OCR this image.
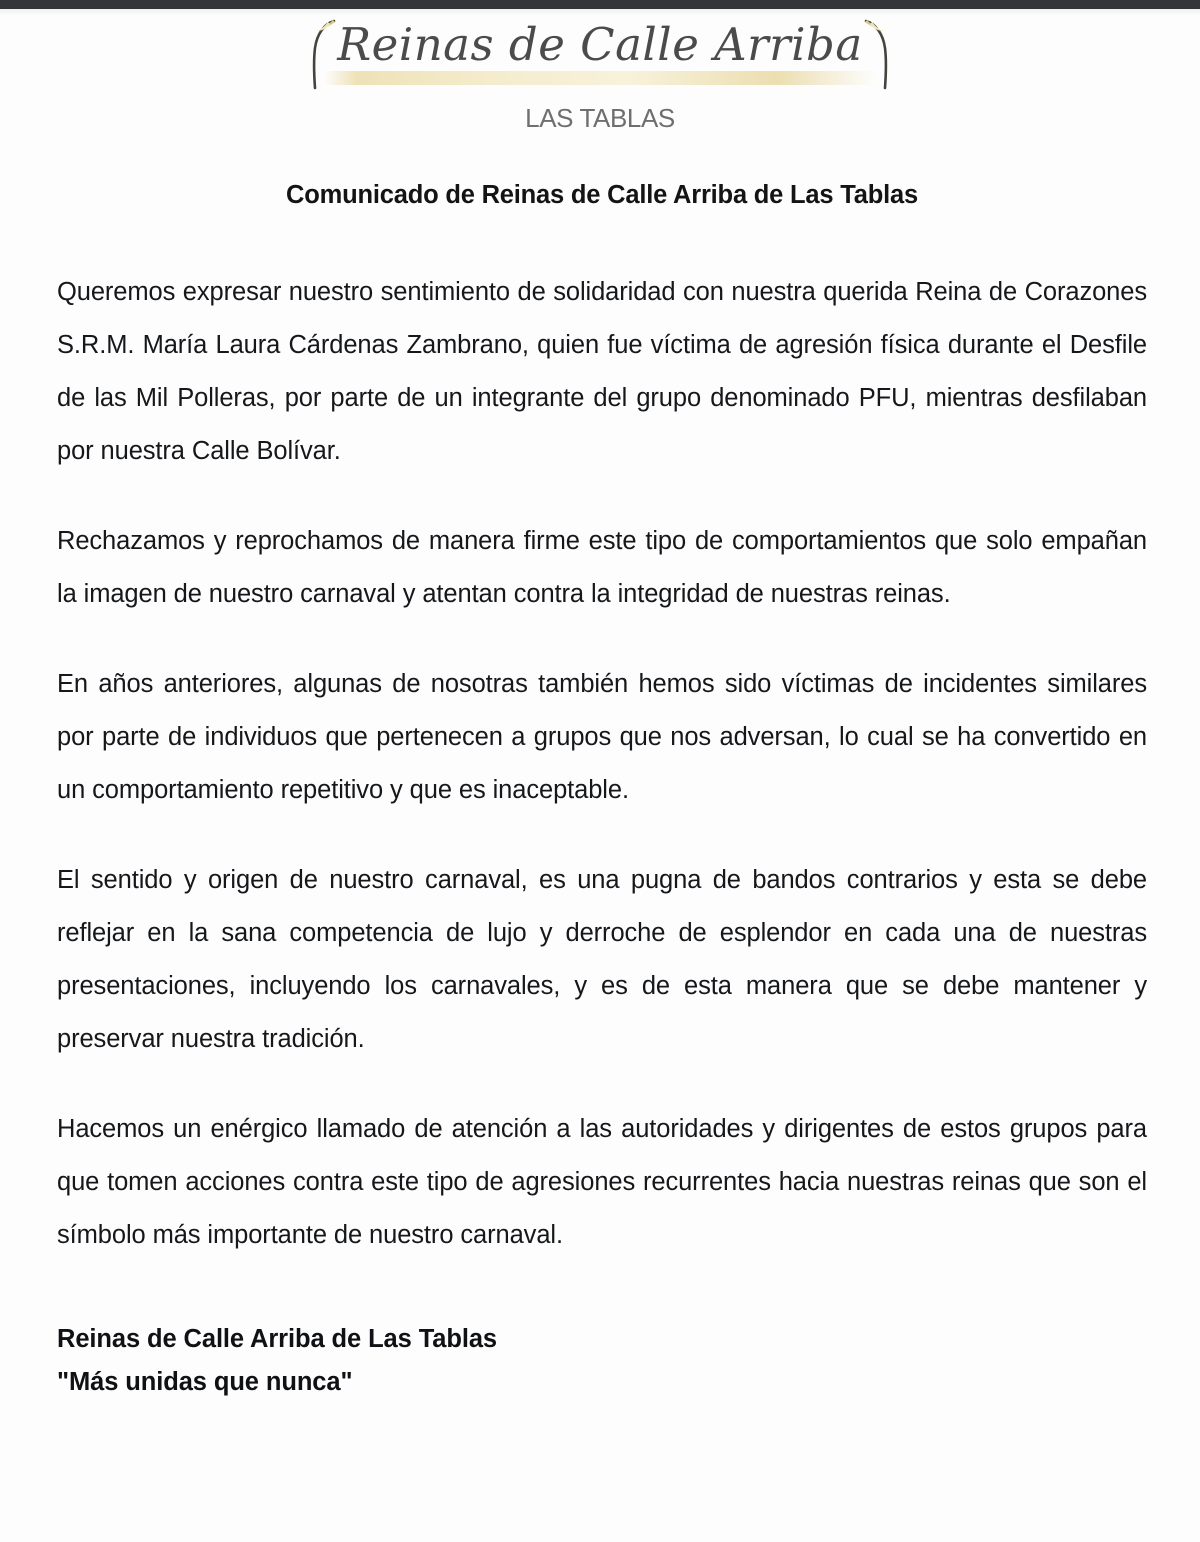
Reinas de Calle Arriba
LAS TABLAS
Comunicado de Reinas de Calle Arriba de Las Tablas

Queremos expresar nuestro sentimiento de solidaridad con nuestra querida Reina de Corazones S.R.M. María Laura Cárdenas Zambrano, quien fue víctima de agresión física durante el Desfile de las Mil Polleras, por parte de un integrante del grupo denominado PFU, mientras desfilaban por nuestra Calle Bolívar.

Rechazamos y reprochamos de manera firme este tipo de comportamientos que solo empañan la imagen de nuestro carnaval y atentan contra la integridad de nuestras reinas.

En años anteriores, algunas de nosotras también hemos sido víctimas de incidentes similares por parte de individuos que pertenecen a grupos que nos adversan, lo cual se ha convertido en un comportamiento repetitivo y que es inaceptable.

El sentido y origen de nuestro carnaval, es una pugna de bandos contrarios y esta se debe reflejar en la sana competencia de lujo y derroche de esplendor en cada una de nuestras presentaciones, incluyendo los carnavales, y es de esta manera que se debe mantener y preservar nuestra tradición.

Hacemos un enérgico llamado de atención a las autoridades y dirigentes de estos grupos para que tomen acciones contra este tipo de agresiones recurrentes hacia nuestras reinas que son el símbolo más importante de nuestro carnaval.

Reinas de Calle Arriba de Las Tablas
"Más unidas que nunca"
